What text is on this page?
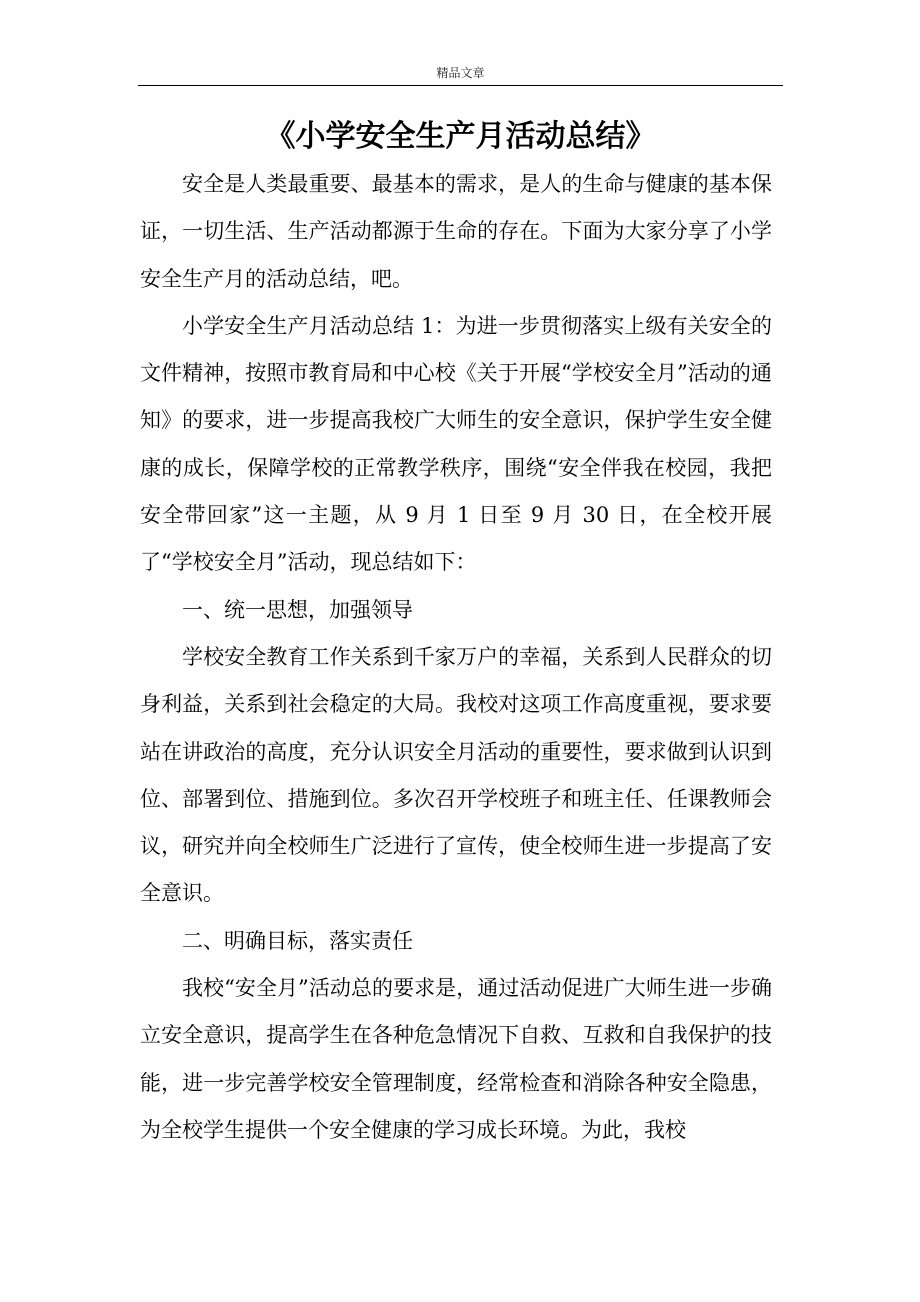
精品文章
《小学安全生产月活动总结》

安全是人类最重要、最基本的需求，是人的生命与健康的基本保证，一切生活、生产活动都源于生命的存在。下面为大家分享了小学安全生产月的活动总结，吧。

小学安全生产月活动总结 1：为进一步贯彻落实上级有关安全的文件精神，按照市教育局和中心校《关于开展“学校安全月”活动的通知》的要求，进一步提高我校广大师生的安全意识，保护学生安全健康的成长，保障学校的正常教学秩序，围绕“安全伴我在校园，我把安全带回家”这一主题，从 9 月 1 日至 9 月 30 日，在全校开展了“学校安全月”活动，现总结如下：

一、统一思想，加强领导

学校安全教育工作关系到千家万户的幸福，关系到人民群众的切身利益，关系到社会稳定的大局。我校对这项工作高度重视，要求要站在讲政治的高度，充分认识安全月活动的重要性，要求做到认识到位、部署到位、措施到位。多次召开学校班子和班主任、任课教师会议，研究并向全校师生广泛进行了宣传，使全校师生进一步提高了安全意识。

二、明确目标，落实责任

我校“安全月”活动总的要求是，通过活动促进广大师生进一步确立安全意识，提高学生在各种危急情况下自救、互救和自我保护的技能，进一步完善学校安全管理制度，经常检查和消除各种安全隐患，为全校学生提供一个安全健康的学习成长环境。为此，我校
